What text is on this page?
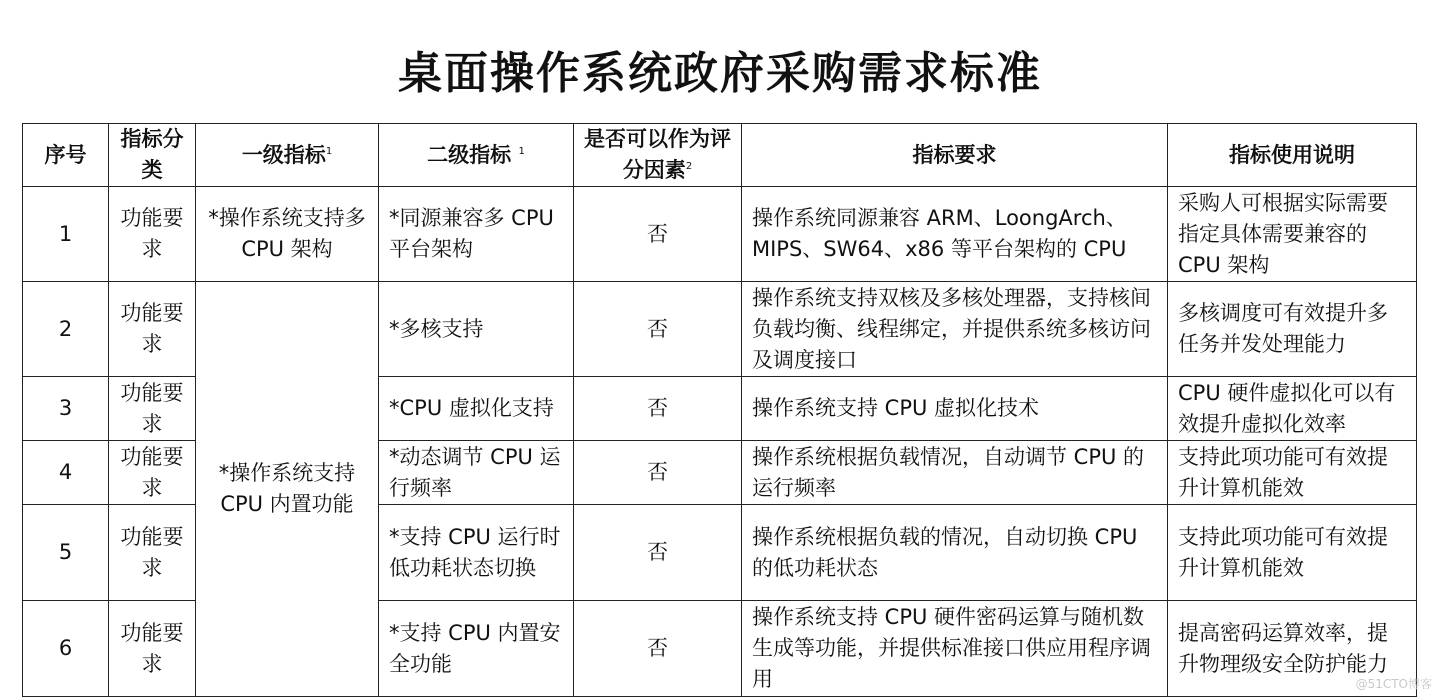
桌面操作系统政府采购需求标准
序号	指标分类	一级指标$^1$	二级指标 $^1$	是否可以作为评分因素$^2$	指标要求	指标使用说明
1	功能要求	*操作系统支持多 CPU 架构	*同源兼容多 CPU 平台架构	否	操作系统同源兼容 ARM、LoongArch、MIPS、SW64、x86 等平台架构的 CPU	采购人可根据实际需要指定具体需要兼容的 CPU 架构
2	功能要求	*操作系统支持 CPU 内置功能	*多核支持	否	操作系统支持双核及多核处理器，支持核间负载均衡、线程绑定，并提供系统多核访问及调度接口	多核调度可有效提升多任务并发处理能力
3	功能要求		*CPU 虚拟化支持	否	操作系统支持 CPU 虚拟化技术	CPU 硬件虚拟化可以有效提升虚拟化效率
4	功能要求		*动态调节 CPU 运行频率	否	操作系统根据负载情况，自动调节 CPU 的运行频率	支持此项功能可有效提升计算机能效
5	功能要求		*支持 CPU 运行时低功耗状态切换	否	操作系统根据负载的情况，自动切换 CPU 的低功耗状态	支持此项功能可有效提升计算机能效
6	功能要求		*支持 CPU 内置安全功能	否	操作系统支持 CPU 硬件密码运算与随机数生成等功能，并提供标准接口供应用程序调用	提高密码运算效率，提升物理级安全防护能力
@51CTO博客
